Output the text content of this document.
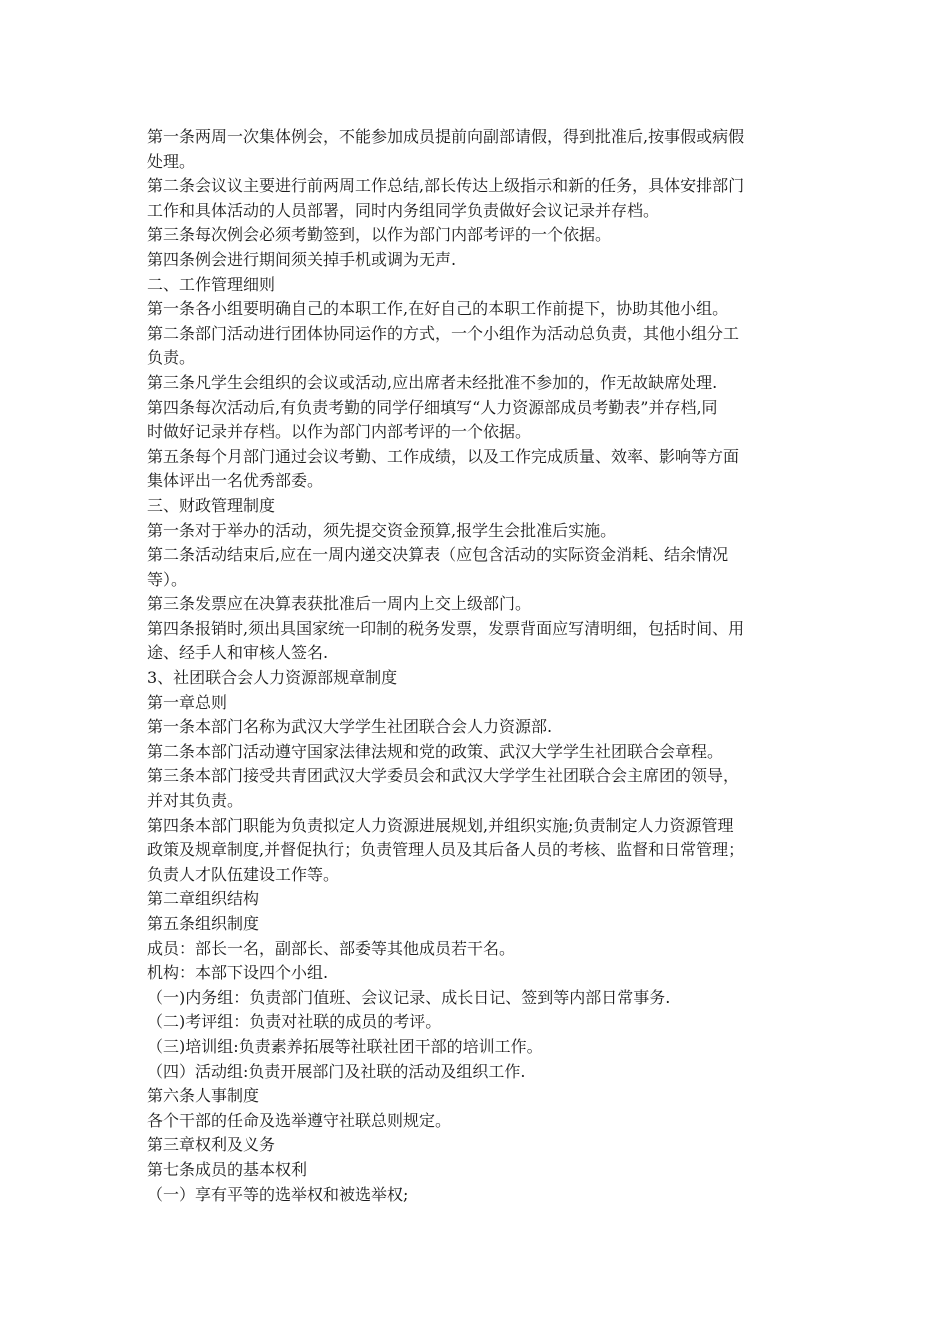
第一条两周一次集体例会，不能参加成员提前向副部请假，得到批准后,按事假或病假

处理。

第二条会议议主要进行前两周工作总结,部长传达上级指示和新的任务，具体安排部门

工作和具体活动的人员部署，同时内务组同学负责做好会议记录并存档。

第三条每次例会必须考勤签到，以作为部门内部考评的一个依据。

第四条例会进行期间须关掉手机或调为无声.

二、工作管理细则

第一条各小组要明确自己的本职工作,在好自己的本职工作前提下，协助其他小组。

第二条部门活动进行团体协同运作的方式，一个小组作为活动总负责，其他小组分工

负责。

第三条凡学生会组织的会议或活动,应出席者未经批准不参加的，作无故缺席处理.

第四条每次活动后,有负责考勤的同学仔细填写“人力资源部成员考勤表”并存档,同

时做好记录并存档。以作为部门内部考评的一个依据。

第五条每个月部门通过会议考勤、工作成绩，以及工作完成质量、效率、影响等方面

集体评出一名优秀部委。

三、财政管理制度

第一条对于举办的活动，须先提交资金预算,报学生会批准后实施。

第二条活动结束后,应在一周内递交决算表（应包含活动的实际资金消耗、结余情况

等）。

第三条发票应在决算表获批准后一周内上交上级部门。

第四条报销时,须出具国家统一印制的税务发票，发票背面应写清明细，包括时间、用

途、经手人和审核人签名.

3、社团联合会人力资源部规章制度

第一章总则

第一条本部门名称为武汉大学学生社团联合会人力资源部.

第二条本部门活动遵守国家法律法规和党的政策、武汉大学学生社团联合会章程。

第三条本部门接受共青团武汉大学委员会和武汉大学学生社团联合会主席团的领导，

并对其负责。

第四条本部门职能为负责拟定人力资源进展规划,并组织实施;负责制定人力资源管理

政策及规章制度,并督促执行；负责管理人员及其后备人员的考核、监督和日常管理；

负责人才队伍建设工作等。

第二章组织结构

第五条组织制度

成员：部长一名，副部长、部委等其他成员若干名。

机构：本部下设四个小组.

（一)内务组：负责部门值班、会议记录、成长日记、签到等内部日常事务.

（二)考评组：负责对社联的成员的考评。

（三)培训组:负责素养拓展等社联社团干部的培训工作。

（四）活动组:负责开展部门及社联的活动及组织工作.

第六条人事制度

各个干部的任命及选举遵守社联总则规定。

第三章权利及义务

第七条成员的基本权利

（一）享有平等的选举权和被选举权;
